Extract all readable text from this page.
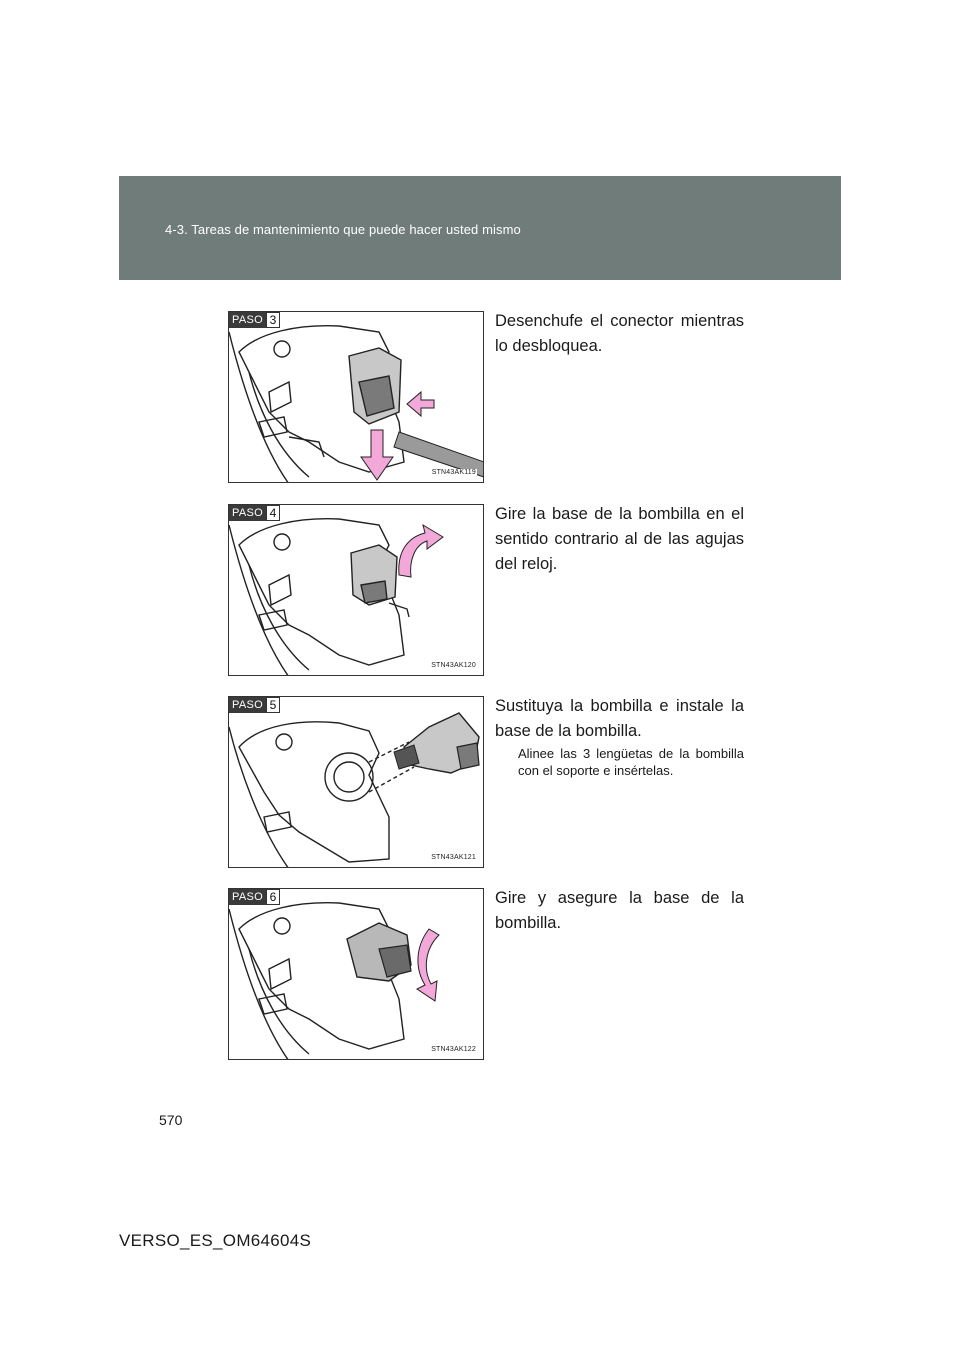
4-3. Tareas de mantenimiento que puede hacer usted mismo
PASO 3
STN43AK119
Desenchufe el conector mientras lo desbloquea.
PASO 4
STN43AK120
Gire la base de la bombilla en el sentido contrario al de las agujas del reloj.
PASO 5
STN43AK121
Sustituya la bombilla e instale la base de la bombilla.
Alinee las 3 lengüetas de la bombilla con el soporte e insértelas.
PASO 6
STN43AK122
Gire y asegure la base de la bombilla.
570
VERSO_ES_OM64604S
